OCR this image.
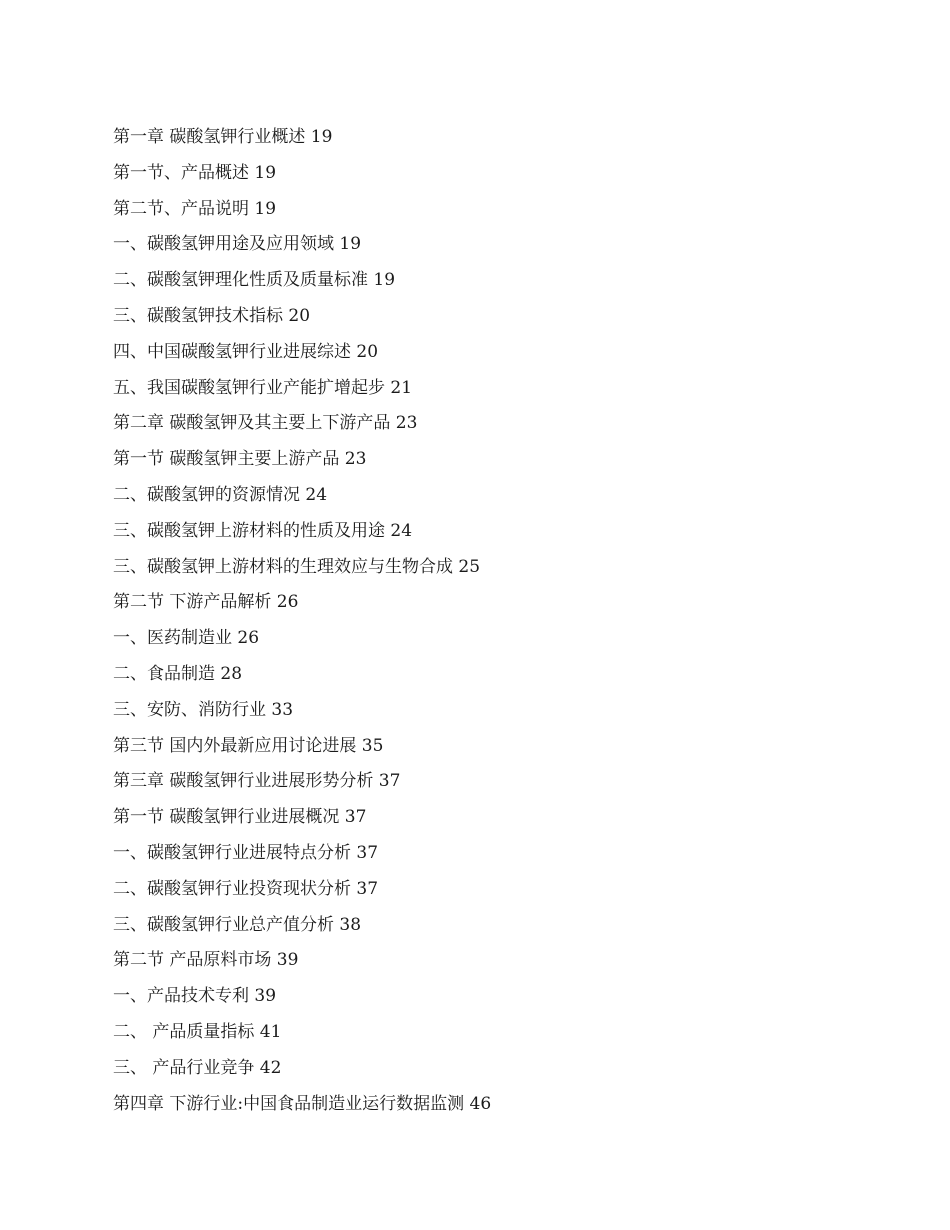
第一章 碳酸氢钾行业概述 19
第一节、产品概述 19
第二节、产品说明 19
一、碳酸氢钾用途及应用领域 19
二、碳酸氢钾理化性质及质量标准 19
三、碳酸氢钾技术指标 20
四、中国碳酸氢钾行业进展综述 20
五、我国碳酸氢钾行业产能扩增起步 21
第二章 碳酸氢钾及其主要上下游产品 23
第一节 碳酸氢钾主要上游产品 23
二、碳酸氢钾的资源情况 24
三、碳酸氢钾上游材料的性质及用途 24
三、碳酸氢钾上游材料的生理效应与生物合成 25
第二节 下游产品解析 26
一、医药制造业 26
二、食品制造 28
三、安防、消防行业 33
第三节 国内外最新应用讨论进展 35
第三章 碳酸氢钾行业进展形势分析 37
第一节 碳酸氢钾行业进展概况 37
一、碳酸氢钾行业进展特点分析 37
二、碳酸氢钾行业投资现状分析 37
三、碳酸氢钾行业总产值分析 38
第二节 产品原料市场 39
一、产品技术专利 39
二、 产品质量指标 41
三、 产品行业竞争 42
第四章 下游行业:中国食品制造业运行数据监测 46
